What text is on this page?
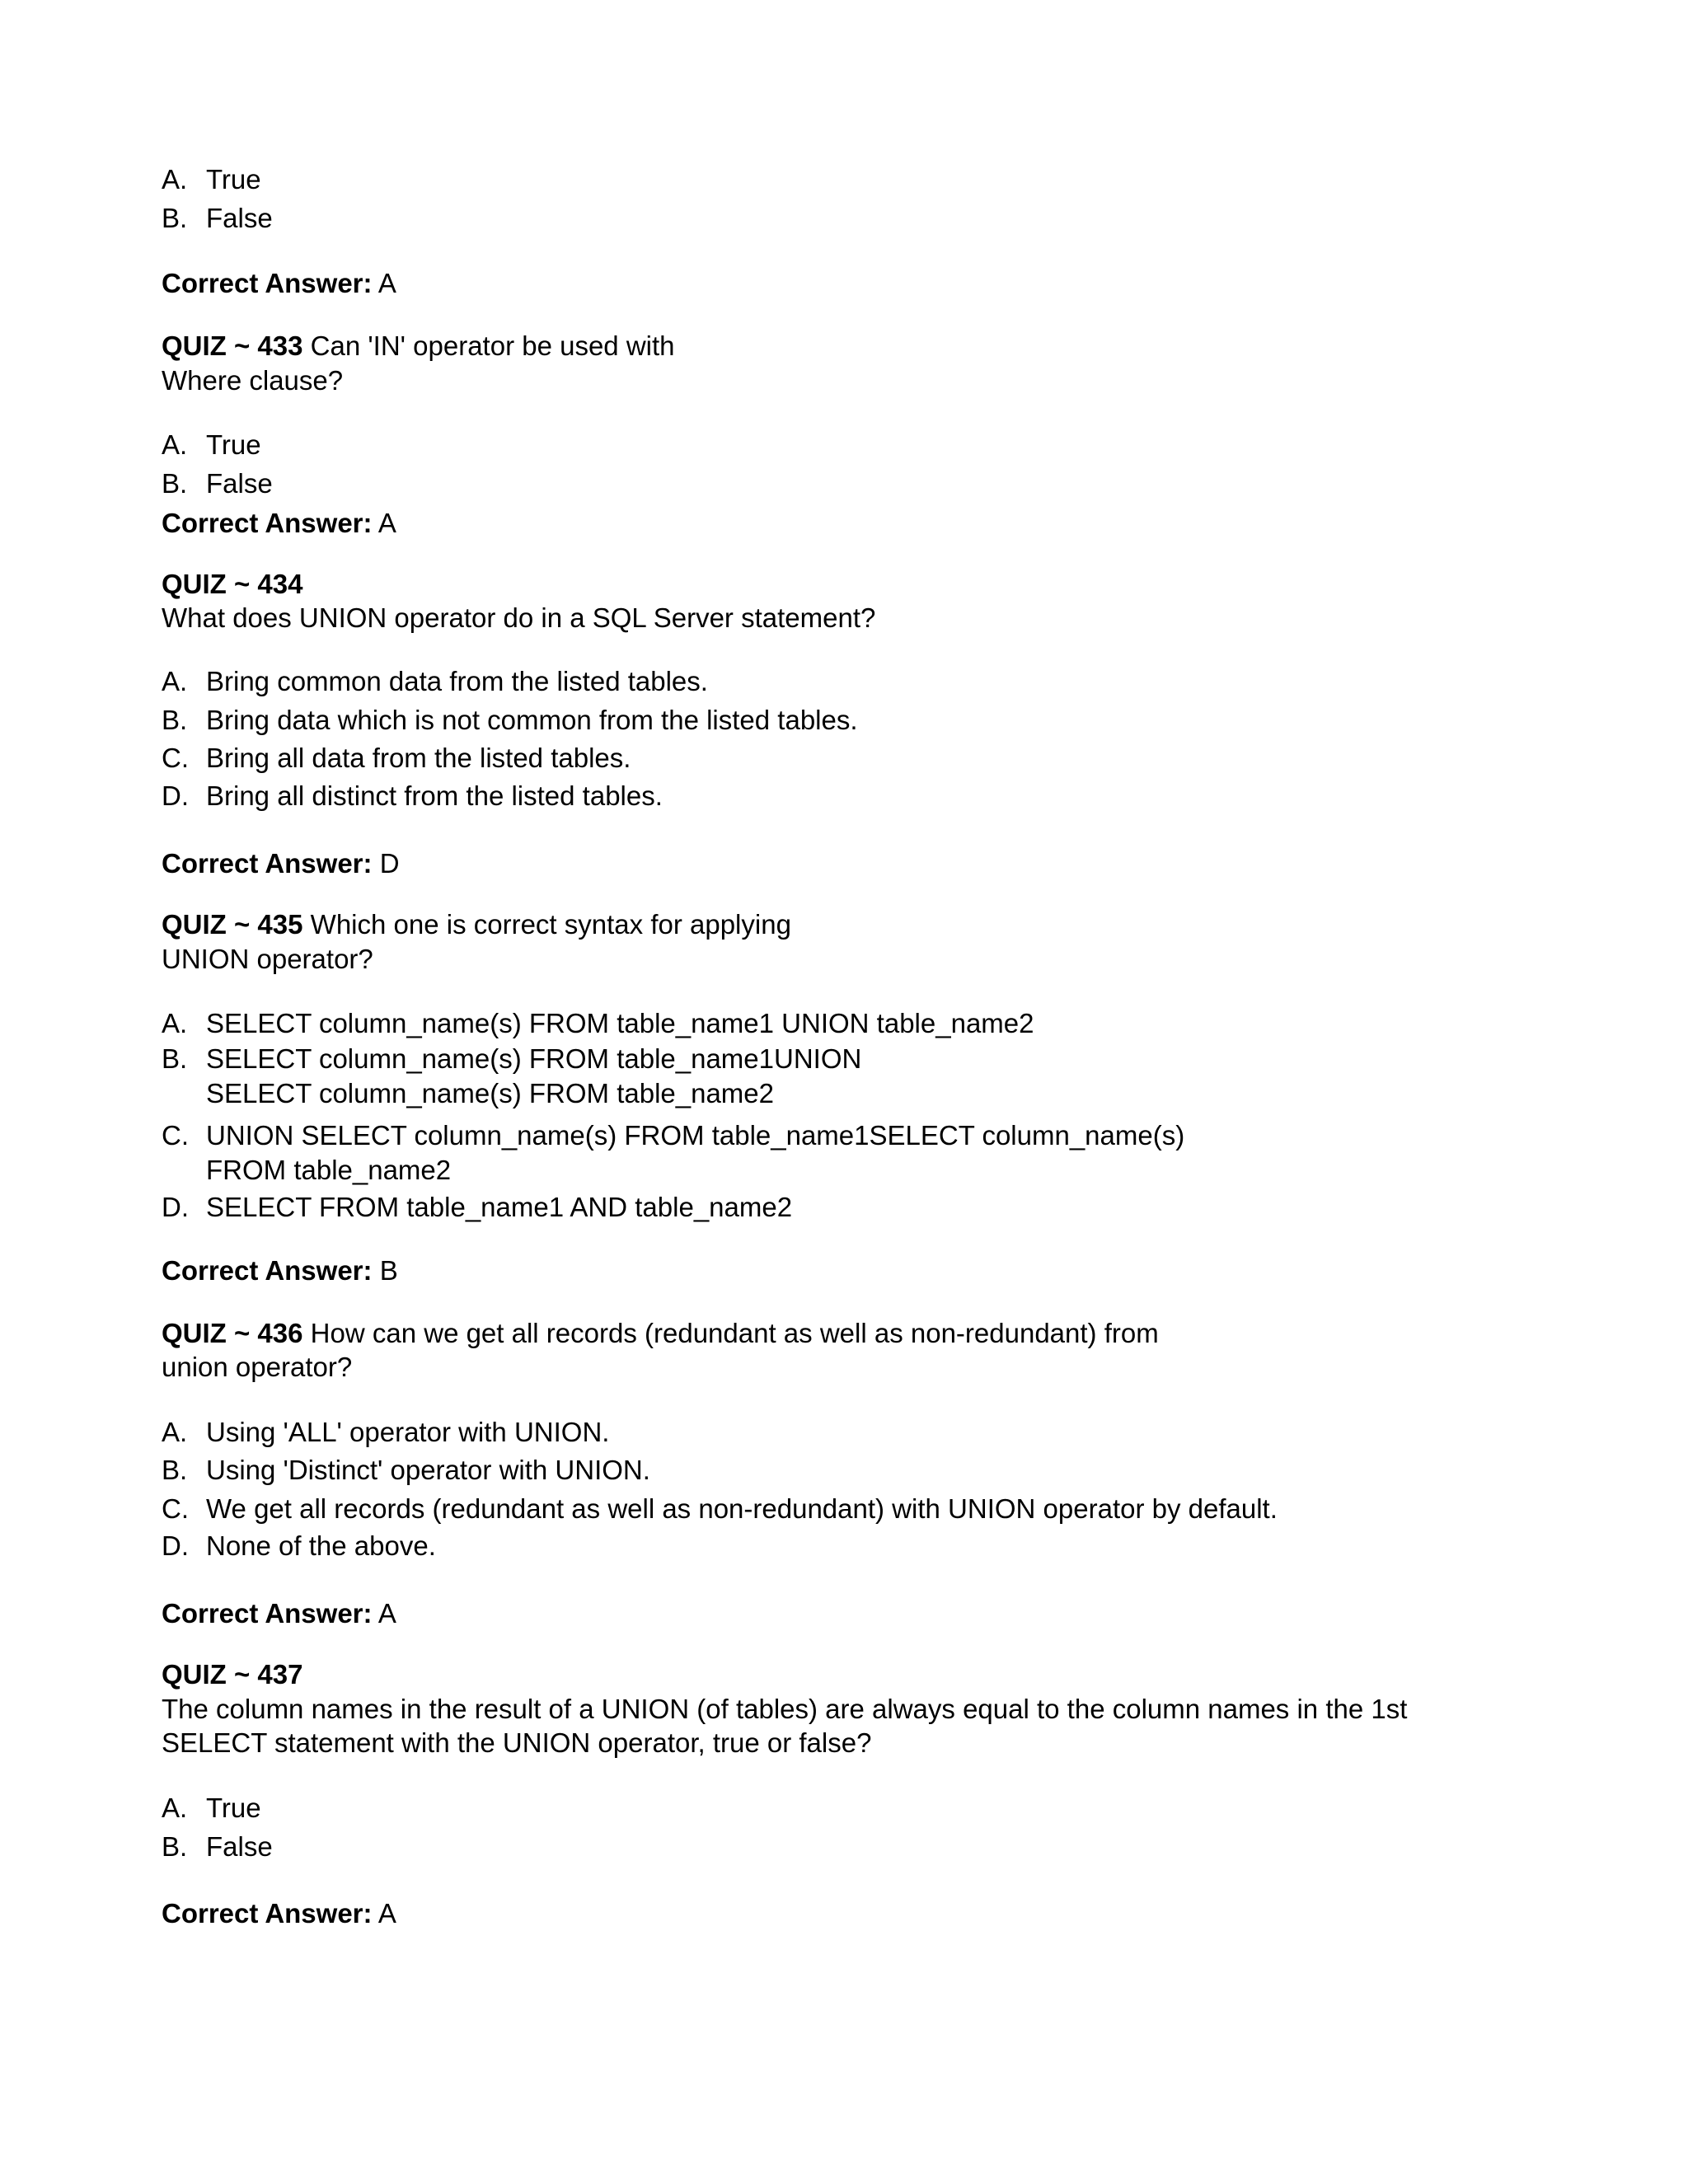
A. True
B. False
Correct Answer: A
QUIZ ~ 433 Can 'IN' operator be used with
Where clause?
A. True
B. False
Correct Answer: A
QUIZ ~ 434
What does UNION operator do in a SQL Server statement?
A. Bring common data from the listed tables.
B. Bring data which is not common from the listed tables.
C. Bring all data from the listed tables.
D. Bring all distinct from the listed tables.
Correct Answer: D
QUIZ ~ 435 Which one is correct syntax for applying
UNION operator?
A. SELECT column_name(s) FROM table_name1 UNION table_name2
B. SELECT column_name(s) FROM table_name1UNION
SELECT column_name(s) FROM table_name2
C. UNION SELECT column_name(s) FROM table_name1SELECT column_name(s)
FROM table_name2
D. SELECT FROM table_name1 AND table_name2
Correct Answer: B
QUIZ ~ 436 How can we get all records (redundant as well as non-redundant) from
union operator?
A. Using 'ALL' operator with UNION.
B. Using 'Distinct' operator with UNION.
C. We get all records (redundant as well as non-redundant) with UNION operator by default.
D. None of the above.
Correct Answer: A
QUIZ ~ 437
The column names in the result of a UNION (of tables) are always equal to the column names in the 1st
SELECT statement with the UNION operator, true or false?
A. True
B. False
Correct Answer: A
